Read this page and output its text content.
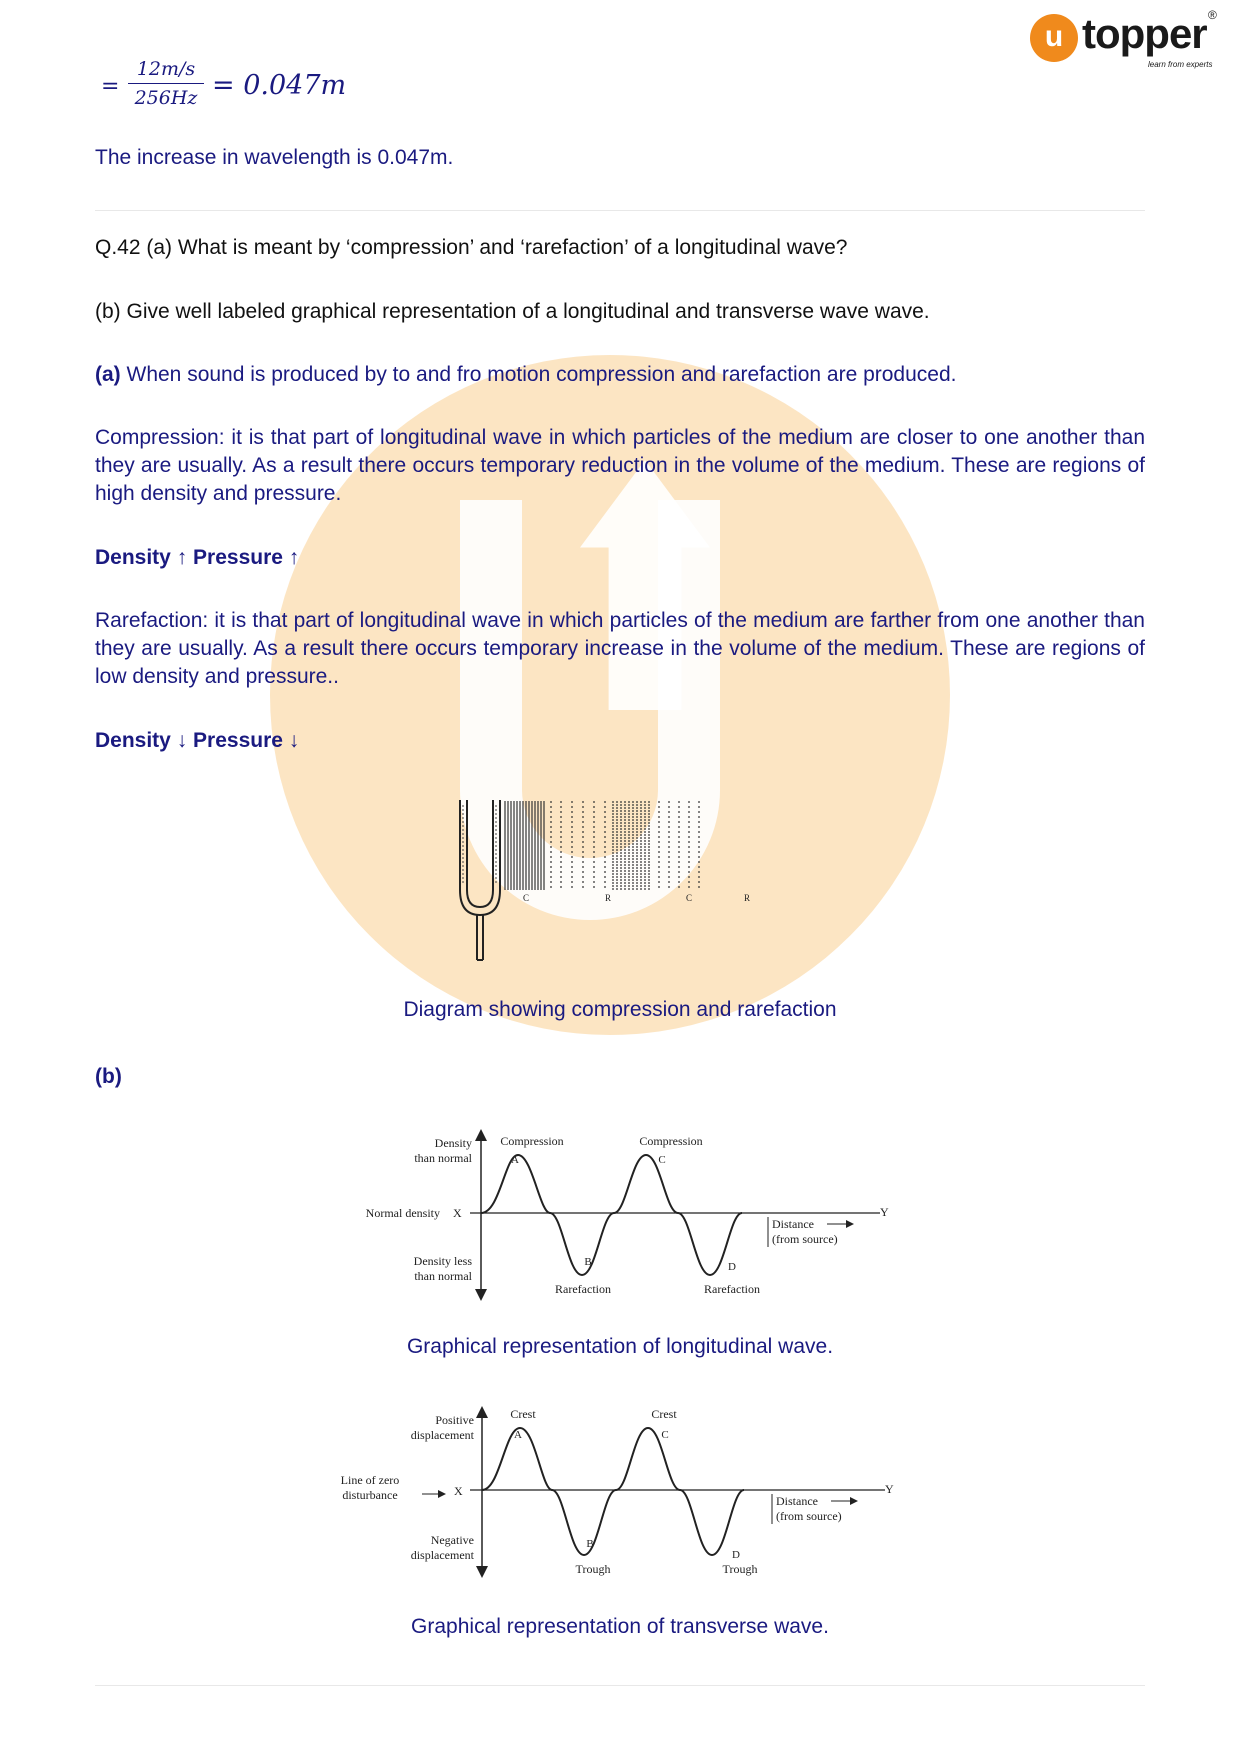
u topper ®
learn from experts
=
12m/s
256Hz = 0.047m
The increase in wavelength is 0.047m.
Q.42 (a) What is meant by ‘compression’ and ‘rarefaction’ of a longitudinal wave?
(b) Give well labeled graphical representation of a longitudinal and transverse wave wave.
(a) When sound is produced by to and fro motion compression and rarefaction are produced.
Compression: it is that part of longitudinal wave in which particles of the medium are closer to one another than they are usually. As a result there occurs temporary reduction in the volume of the medium. These are regions of high density and pressure.
Density ↑ Pressure ↑
Rarefaction: it is that part of longitudinal wave in which particles of the medium are farther from one another than they are usually. As a result there occurs temporary increase in the volume of the medium. These are regions of low density and pressure..
Density ↓ Pressure ↓
C	R	C	R
Diagram showing compression and rarefaction
(b)
Density
than normal
Normal density X
Density less
than normal
Compression
A
Compression
C
B
Rarefaction
D
Rarefaction
Distance
(from source)
Y
Graphical representation of longitudinal wave.
Positive
displacement
Line of zero
disturbance	X
Negative
displacement
Crest
A
Crest
C
B
Trough
D
Trough
Distance
(from source)
Y
Graphical representation of transverse wave.
